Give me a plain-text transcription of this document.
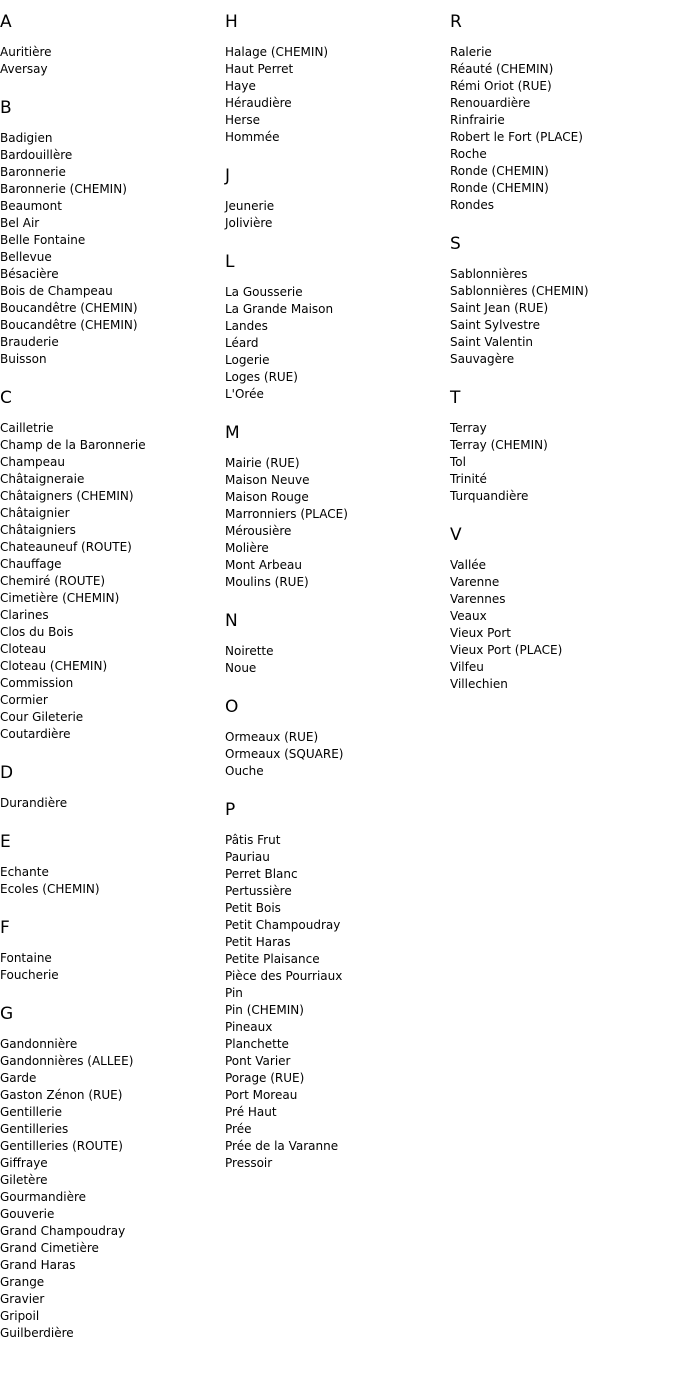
A
Auritière
Aversay
B
Badigien
Bardouillère
Baronnerie
Baronnerie (CHEMIN)
Beaumont
Bel Air
Belle Fontaine
Bellevue
Bésacière
Bois de Champeau
Boucandêtre (CHEMIN)
Boucandêtre (CHEMIN)
Brauderie
Buisson
C
Cailletrie
Champ de la Baronnerie
Champeau
Châtaigneraie
Châtaigners (CHEMIN)
Châtaignier
Châtaigniers
Chateauneuf (ROUTE)
Chauffage
Chemiré (ROUTE)
Cimetière (CHEMIN)
Clarines
Clos du Bois
Cloteau
Cloteau (CHEMIN)
Commission
Cormier
Cour Gileterie
Coutardière
D
Durandière
E
Echante
Ecoles (CHEMIN)
F
Fontaine
Foucherie
G
Gandonnière
Gandonnières (ALLEE)
Garde
Gaston Zénon (RUE)
Gentillerie
Gentilleries
Gentilleries (ROUTE)
Giffraye
Giletère
Gourmandière
Gouverie
Grand Champoudray
Grand Cimetière
Grand Haras
Grange
Gravier
Gripoil
Guilberdière
H
Halage (CHEMIN)
Haut Perret
Haye
Héraudière
Herse
Hommée
J
Jeunerie
Jolivière
L
La Gousserie
La Grande Maison
Landes
Léard
Logerie
Loges (RUE)
L'Orée
M
Mairie (RUE)
Maison Neuve
Maison Rouge
Marronniers (PLACE)
Mérousière
Molière
Mont Arbeau
Moulins (RUE)
N
Noirette
Noue
O
Ormeaux (RUE)
Ormeaux (SQUARE)
Ouche
P
Pâtis Frut
Pauriau
Perret Blanc
Pertussière
Petit Bois
Petit Champoudray
Petit Haras
Petite Plaisance
Pièce des Pourriaux
Pin
Pin (CHEMIN)
Pineaux
Planchette
Pont Varier
Porage (RUE)
Port Moreau
Pré Haut
Prée
Prée de la Varanne
Pressoir
R
Ralerie
Réauté (CHEMIN)
Rémi Oriot (RUE)
Renouardière
Rinfrairie
Robert le Fort (PLACE)
Roche
Ronde (CHEMIN)
Ronde (CHEMIN)
Rondes
S
Sablonnières
Sablonnières (CHEMIN)
Saint Jean (RUE)
Saint Sylvestre
Saint Valentin
Sauvagère
T
Terray
Terray (CHEMIN)
Tol
Trinité
Turquandière
V
Vallée
Varenne
Varennes
Veaux
Vieux Port
Vieux Port (PLACE)
Vilfeu
Villechien
